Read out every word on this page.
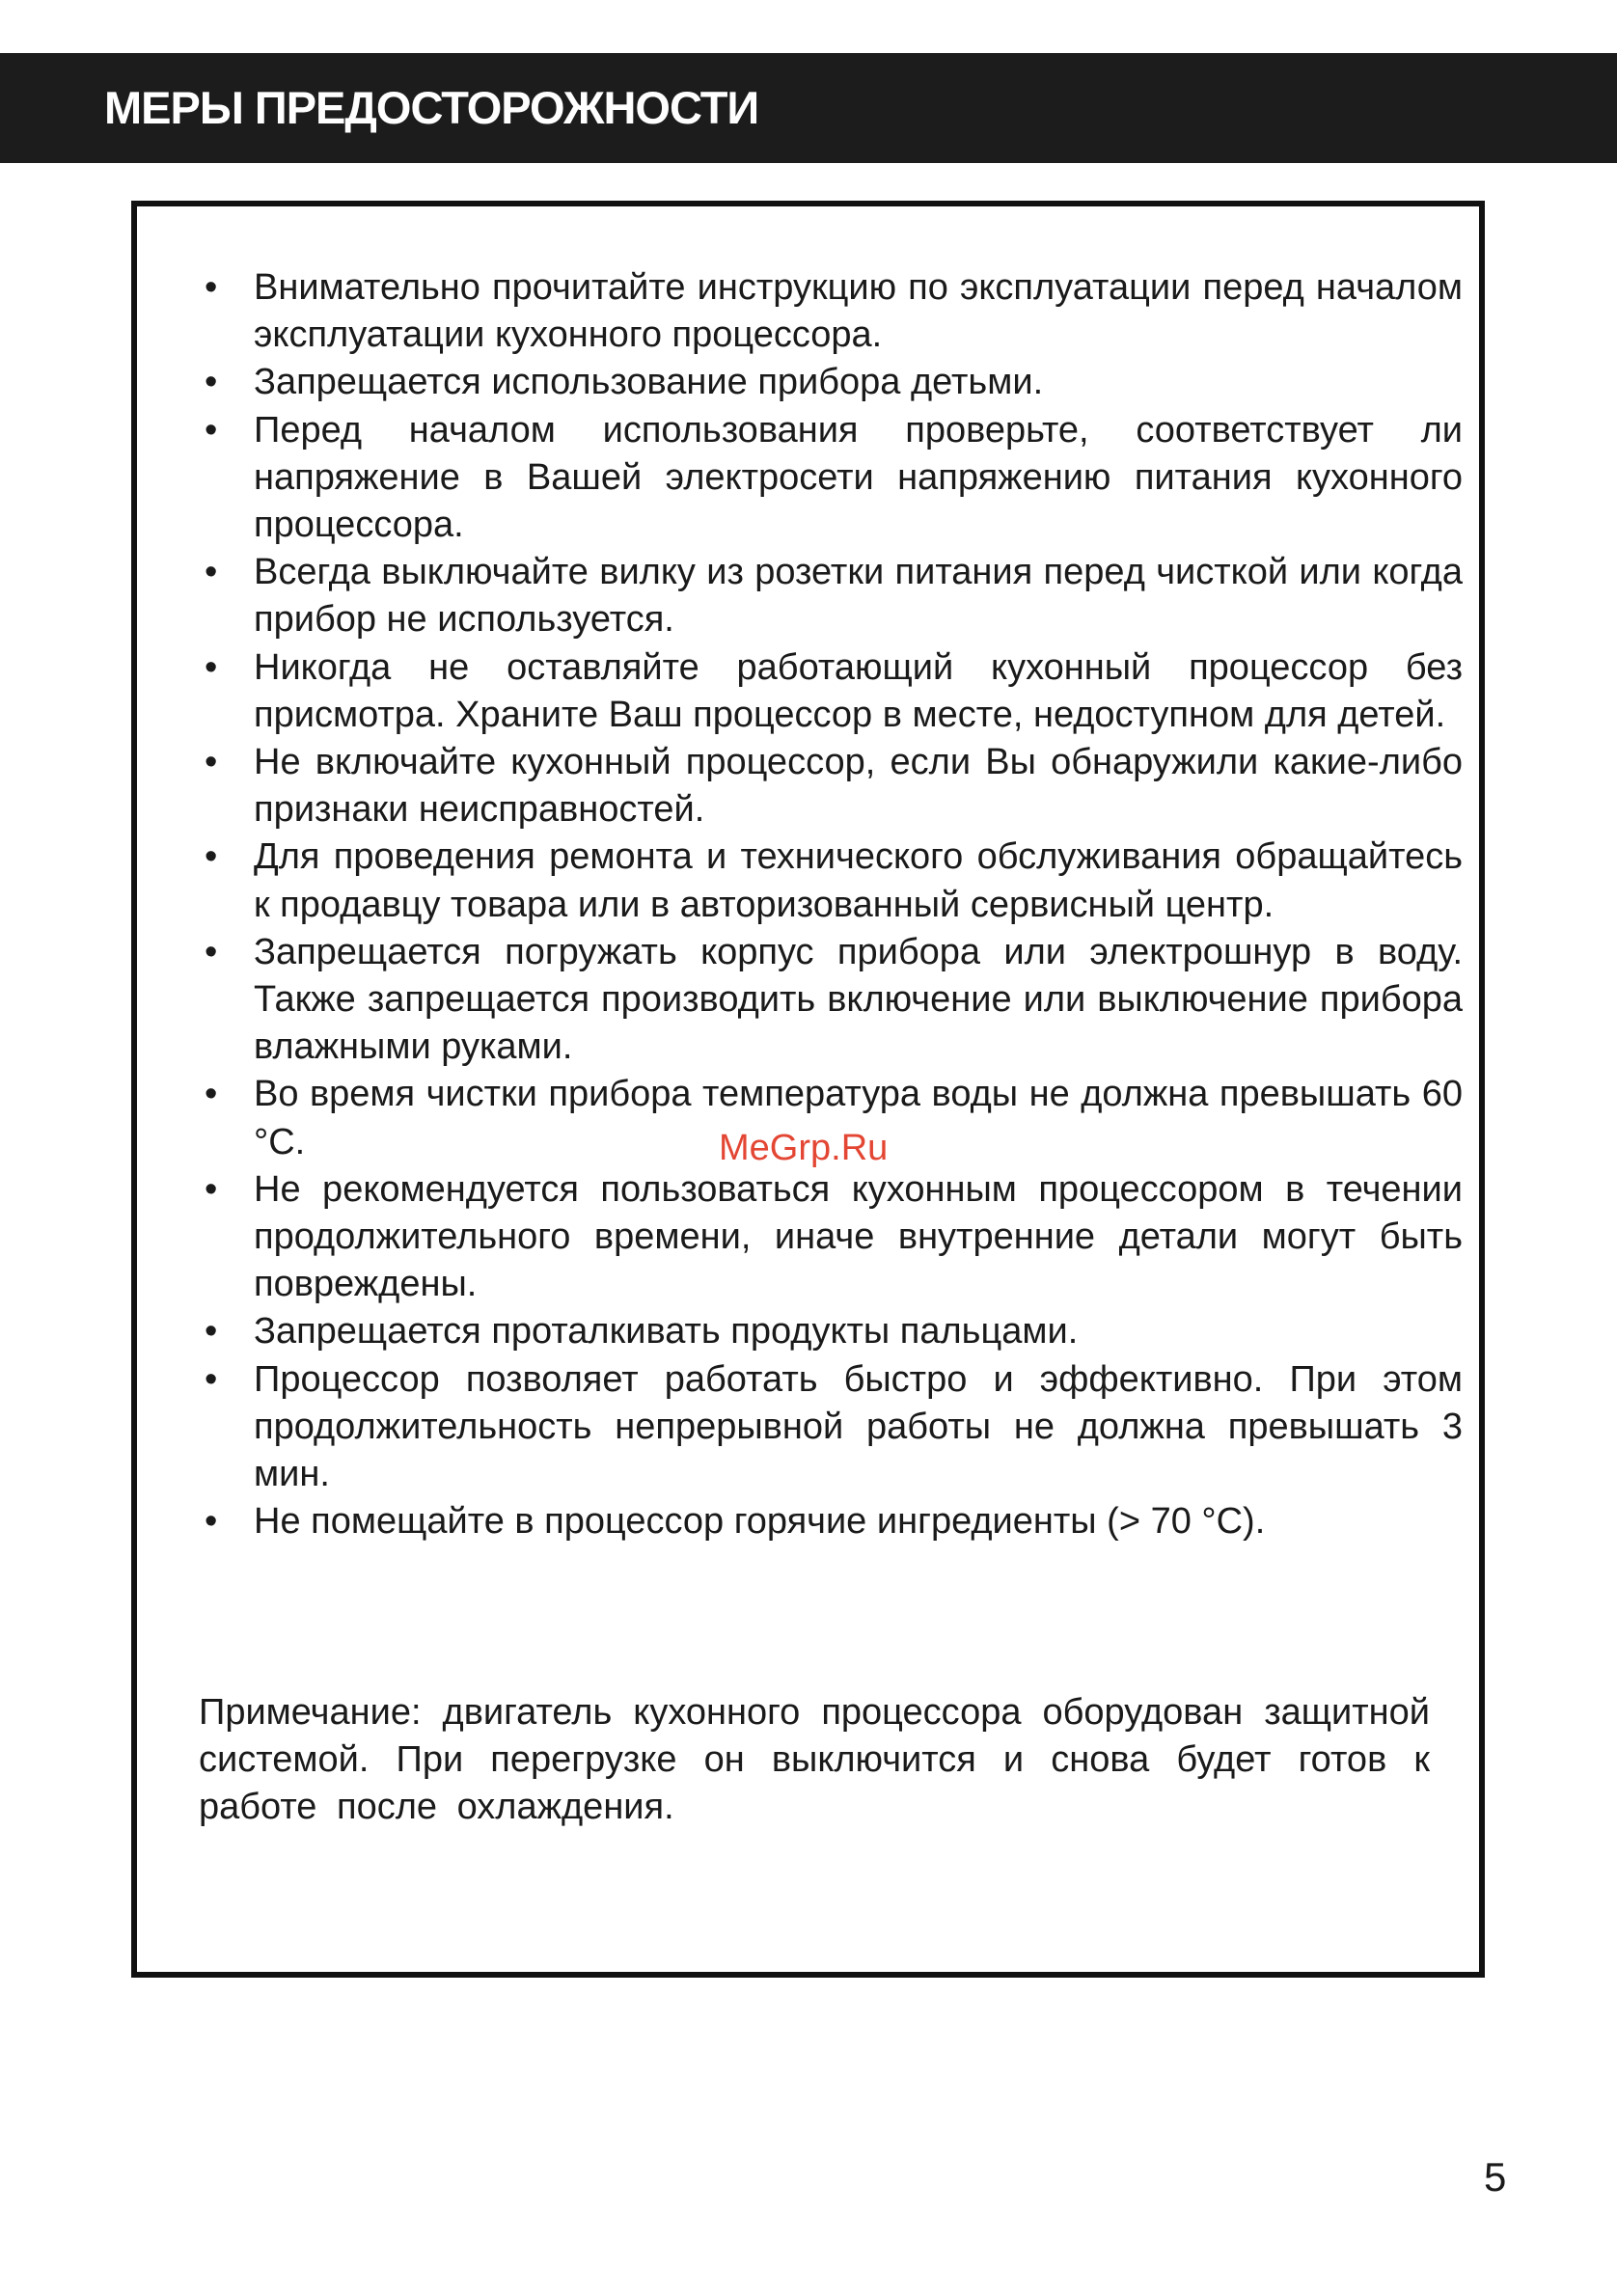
МЕРЫ ПРЕДОСТОРОЖНОСТИ
• Внимательно прочитайте инструкцию по эксплуатации перед началом эксплуатации кухонного процессора.
• Запрещается использование прибора детьми.
• Перед началом использования проверьте, соответствует ли напряжение в Вашей электросети напряжению питания кухонного процессора.
• Всегда выключайте вилку из розетки питания перед чисткой или когда прибор не используется.
• Никогда не оставляйте работающий кухонный процессор без присмотра. Храните Ваш процессор в месте, недоступном для детей.
• Не включайте кухонный процессор, если Вы обнаружили какие-либо признаки неисправностей.
• Для проведения ремонта и технического обслуживания обращайтесь к продавцу товара или в авторизованный сервисный центр.
• Запрещается погружать корпус прибора или электрошнур в воду. Также запрещается производить включение или выключение прибора влажными руками.
• Во время чистки прибора температура воды не должна превышать 60 °С.
• Не рекомендуется пользоваться кухонным процессором в течении продолжительного времени, иначе внутренние детали могут быть повреждены.
• Запрещается проталкивать продукты пальцами.
• Процессор позволяет работать быстро и эффективно. При этом продолжительность непрерывной работы не должна превышать 3 мин.
• Не помещайте в процессор горячие ингредиенты (> 70 °С).

Примечание: двигатель кухонного процессора оборудован защитной системой. При перегрузке он выключится и снова будет готов к работе после охлаждения.

MeGrp.Ru
5
